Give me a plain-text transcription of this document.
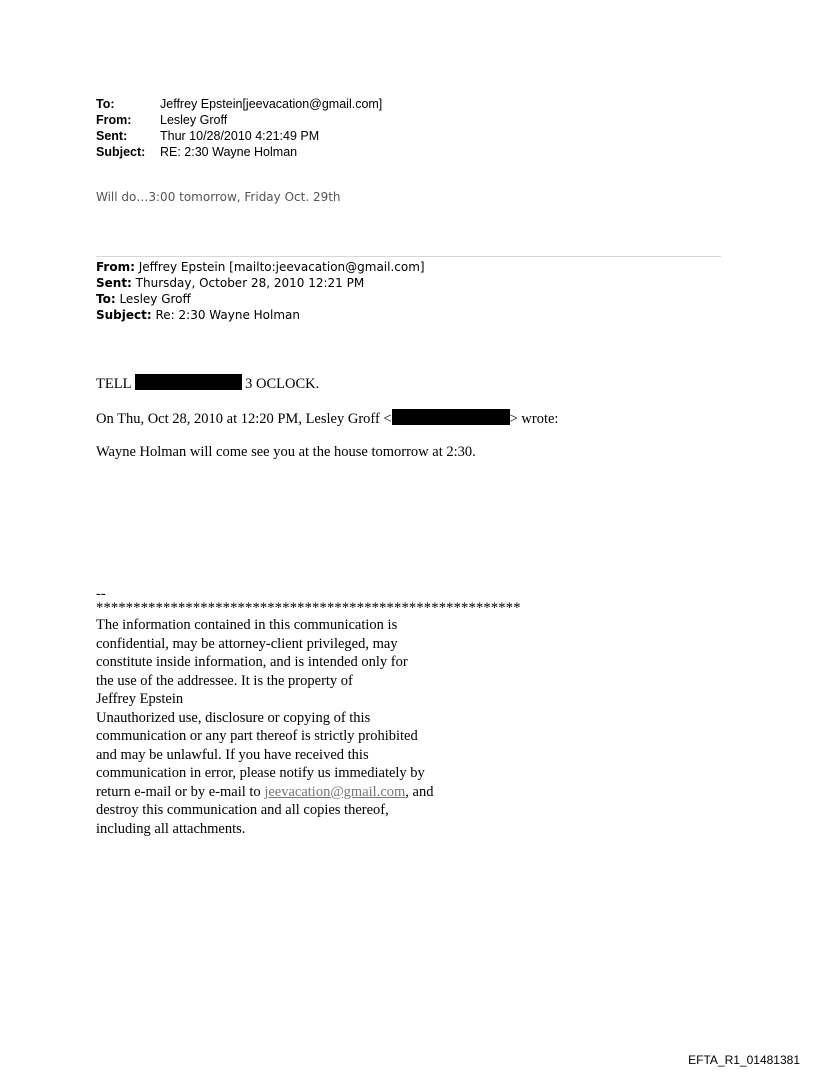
To:	Jeffrey Epstein[jeevacation@gmail.com]
From:	Lesley Groff
Sent:	Thur 10/28/2010 4:21:49 PM
Subject:	RE: 2:30 Wayne Holman
Will do…3:00 tomorrow, Friday Oct. 29th
From: Jeffrey Epstein [mailto:jeevacation@gmail.com]
Sent: Thursday, October 28, 2010 12:21 PM
To: Lesley Groff
Subject: Re: 2:30 Wayne Holman
TELL	3 OCLOCK.
On Thu, Oct 28, 2010 at 12:20 PM, Lesley Groff <	> wrote:
Wayne Holman will come see you at the house tomorrow at 2:30.
--
*********************************************************
The information contained in this communication is
confidential, may be attorney-client privileged, may
constitute inside information, and is intended only for
the use of the addressee. It is the property of
Jeffrey Epstein
Unauthorized use, disclosure or copying of this
communication or any part thereof is strictly prohibited
and may be unlawful. If you have received this
communication in error, please notify us immediately by
return e-mail or by e-mail to jeevacation@gmail.com, and
destroy this communication and all copies thereof,
including all attachments.
EFTA_R1_01481381
